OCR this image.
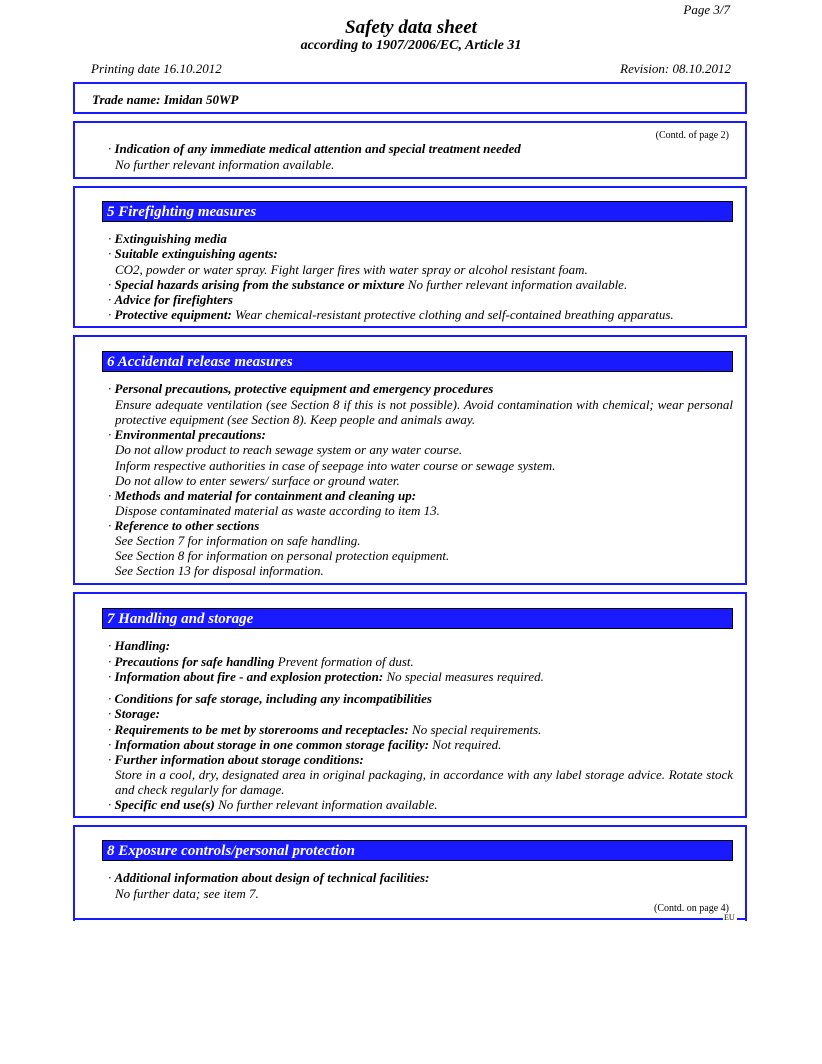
Page 3/7
Safety data sheet
according to 1907/2006/EC, Article 31
Printing date 16.10.2012	Revision: 08.10.2012
Trade name: Imidan 50WP
(Contd. of page 2)
· Indication of any immediate medical attention and special treatment needed
No further relevant information available.
5 Firefighting measures
· Extinguishing media
· Suitable extinguishing agents:
CO2, powder or water spray. Fight larger fires with water spray or alcohol resistant foam.
· Special hazards arising from the substance or mixture No further relevant information available.
· Advice for firefighters
· Protective equipment: Wear chemical-resistant protective clothing and self-contained breathing apparatus.
6 Accidental release measures
· Personal precautions, protective equipment and emergency procedures
Ensure adequate ventilation (see Section 8 if this is not possible). Avoid contamination with chemical; wear personal protective equipment (see Section 8). Keep people and animals away.
· Environmental precautions:
Do not allow product to reach sewage system or any water course.
Inform respective authorities in case of seepage into water course or sewage system.
Do not allow to enter sewers/ surface or ground water.
· Methods and material for containment and cleaning up:
Dispose contaminated material as waste according to item 13.
· Reference to other sections
See Section 7 for information on safe handling.
See Section 8 for information on personal protection equipment.
See Section 13 for disposal information.
7 Handling and storage
· Handling:
· Precautions for safe handling Prevent formation of dust.
· Information about fire - and explosion protection: No special measures required.
· Conditions for safe storage, including any incompatibilities
· Storage:
· Requirements to be met by storerooms and receptacles: No special requirements.
· Information about storage in one common storage facility: Not required.
· Further information about storage conditions:
Store in a cool, dry, designated area in original packaging, in accordance with any label storage advice. Rotate stock and check regularly for damage.
· Specific end use(s) No further relevant information available.
8 Exposure controls/personal protection
· Additional information about design of technical facilities:
No further data; see item 7.
(Contd. on page 4)
EU
